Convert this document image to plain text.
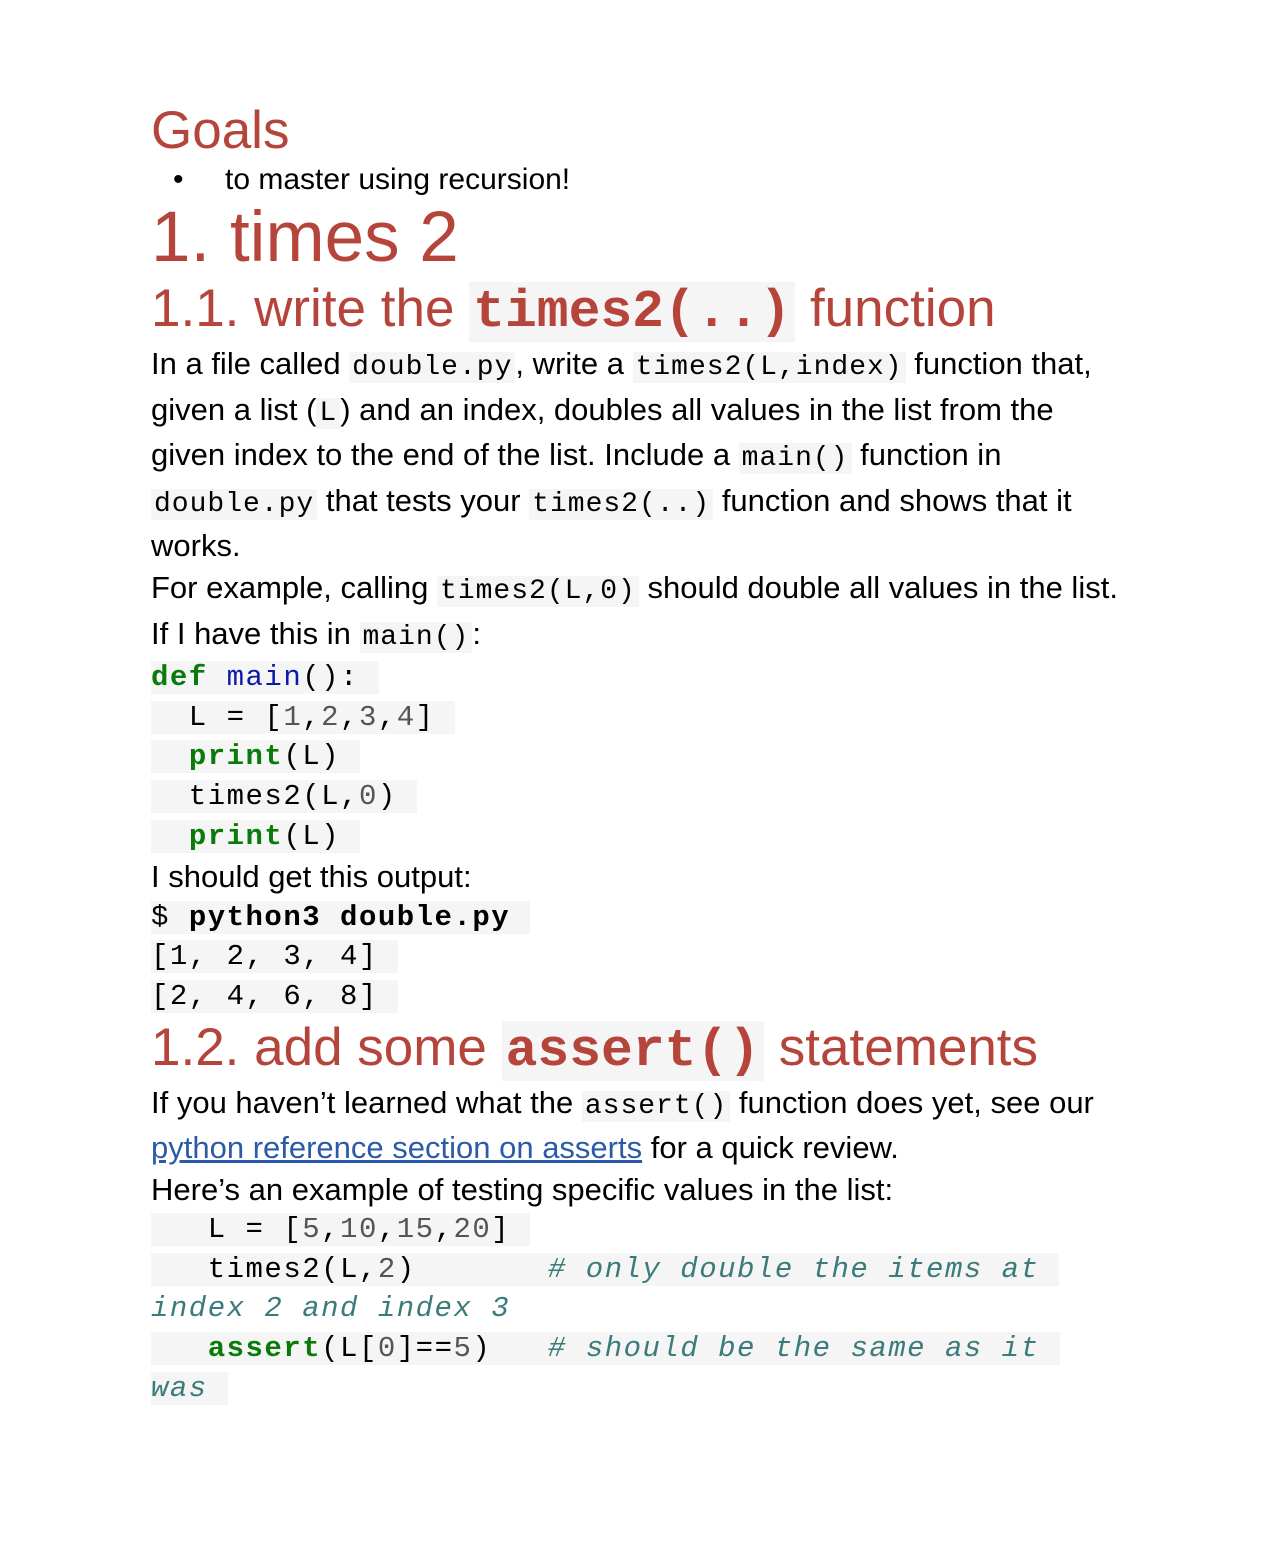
Goals
•	to master using recursion!
1. times 2
1.1. write the times2(..) function

In a file called double.py, write a times2(L,index) function that, given a list ( L) and an index, doubles all values in the list from the given index to the end of the list. Include a main() function in double.py that tests your times2(..) function and shows that it works.

For example, calling times2(L,0) should double all values in the list. If I have this in main():

def main():
L = [1,2,3,4]
print(L)
times2(L,0)
print(L)

I should get this output:

$ python3 double.py
[1, 2, 3, 4]
[2, 4, 6, 8]
1.2. add some assert() statements

If you haven’t learned what the assert() function does yet, see our python reference section on asserts for a quick review.

Here’s an example of testing specific values in the list:

L = [5,10,15,20]
times2(L,2)       # only double the items at
index 2 and index 3
assert(L[0]==5)   # should be the same as it
was
